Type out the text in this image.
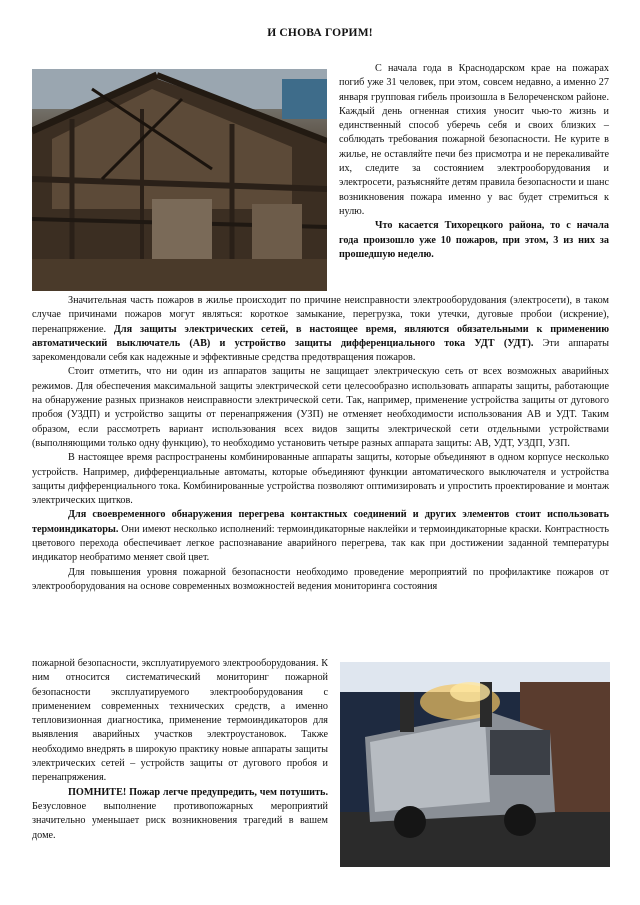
И СНОВА ГОРИМ!

С начала года в Краснодарском крае на пожарах погиб уже 31 человек, при этом, совсем недавно, а именно 27 января групповая гибель произошла в Белореченском районе. Каждый день огненная стихия уносит чью-то жизнь и единственный способ уберечь себя и своих близких – соблюдать требования пожарной безопасности. Не курите в жилье, не оставляйте печи без присмотра и не перекаливайте их, следите за состоянием электрооборудования и электросети, разъясняйте детям правила безопасности и шанс возникновения пожара именно у вас будет стремиться к нулю.

Что касается Тихорецкого района, то с начала года произошло уже 10 пожаров, при этом, 3 из них за прошедшую неделю.

Значительная часть пожаров в жилье происходит по причине неисправности электрооборудования (электросети), в таком случае причинами пожаров могут являться: короткое замыкание, перегрузка, токи утечки, дуговые пробои (искрение), перенапряжение. Для защиты электрических сетей, в настоящее время, являются обязательными к применению автоматический выключатель (АВ) и устройство защиты дифференциального тока УДТ (УДТ). Эти аппараты зарекомендовали себя как надежные и эффективные средства предотвращения пожаров.

Стоит отметить, что ни один из аппаратов защиты не защищает электрическую сеть от всех возможных аварийных режимов. Для обеспечения максимальной защиты электрической сети целесообразно использовать аппараты защиты, работающие на обнаружение разных признаков неисправности электрической сети. Так, например, применение устройства защиты от дугового пробоя (УЗДП) и устройство защиты от перенапряжения (УЗП) не отменяет необходимости использования АВ и УДТ. Таким образом, если рассмотреть вариант использования всех видов защиты электрической сети отдельными устройствами (выполняющими только одну функцию), то необходимо установить четыре разных аппарата защиты: АВ, УДТ, УЗДП, УЗП.

В настоящее время распространены комбинированные аппараты защиты, которые объединяют в одном корпусе несколько устройств. Например, дифференциальные автоматы, которые объединяют функции автоматического выключателя и устройства защиты дифференциального тока. Комбинированные устройства позволяют оптимизировать и упростить проектирование и монтаж электрических щитков.

Для своевременного обнаружения перегрева контактных соединений и других элементов стоит использовать термоиндикаторы. Они имеют несколько исполнений: термоиндикаторные наклейки и термоиндикаторные краски. Контрастность цветового перехода обеспечивает легкое распознавание аварийного перегрева, так как при достижении заданной температуры индикатор необратимо меняет свой цвет.

Для повышения уровня пожарной безопасности необходимо проведение мероприятий по профилактике пожаров от электрооборудования на основе современных возможностей ведения мониторинга состояния

пожарной безопасности, эксплуатируемого электрооборудования. К ним относится систематический мониторинг пожарной безопасности эксплуатируемого электрооборудования с применением современных технических средств, а именно тепловизионная диагностика, применение термоиндикаторов для выявления аварийных участков электроустановок. Также необходимо внедрять в широкую практику новые аппараты защиты электрических сетей – устройств защиты от дугового пробоя и перенапряжения.

ПОМНИТЕ! Пожар легче предупредить, чем потушить. Безусловное выполнение противопожарных мероприятий значительно уменьшает риск возникновения трагедий в вашем доме.
